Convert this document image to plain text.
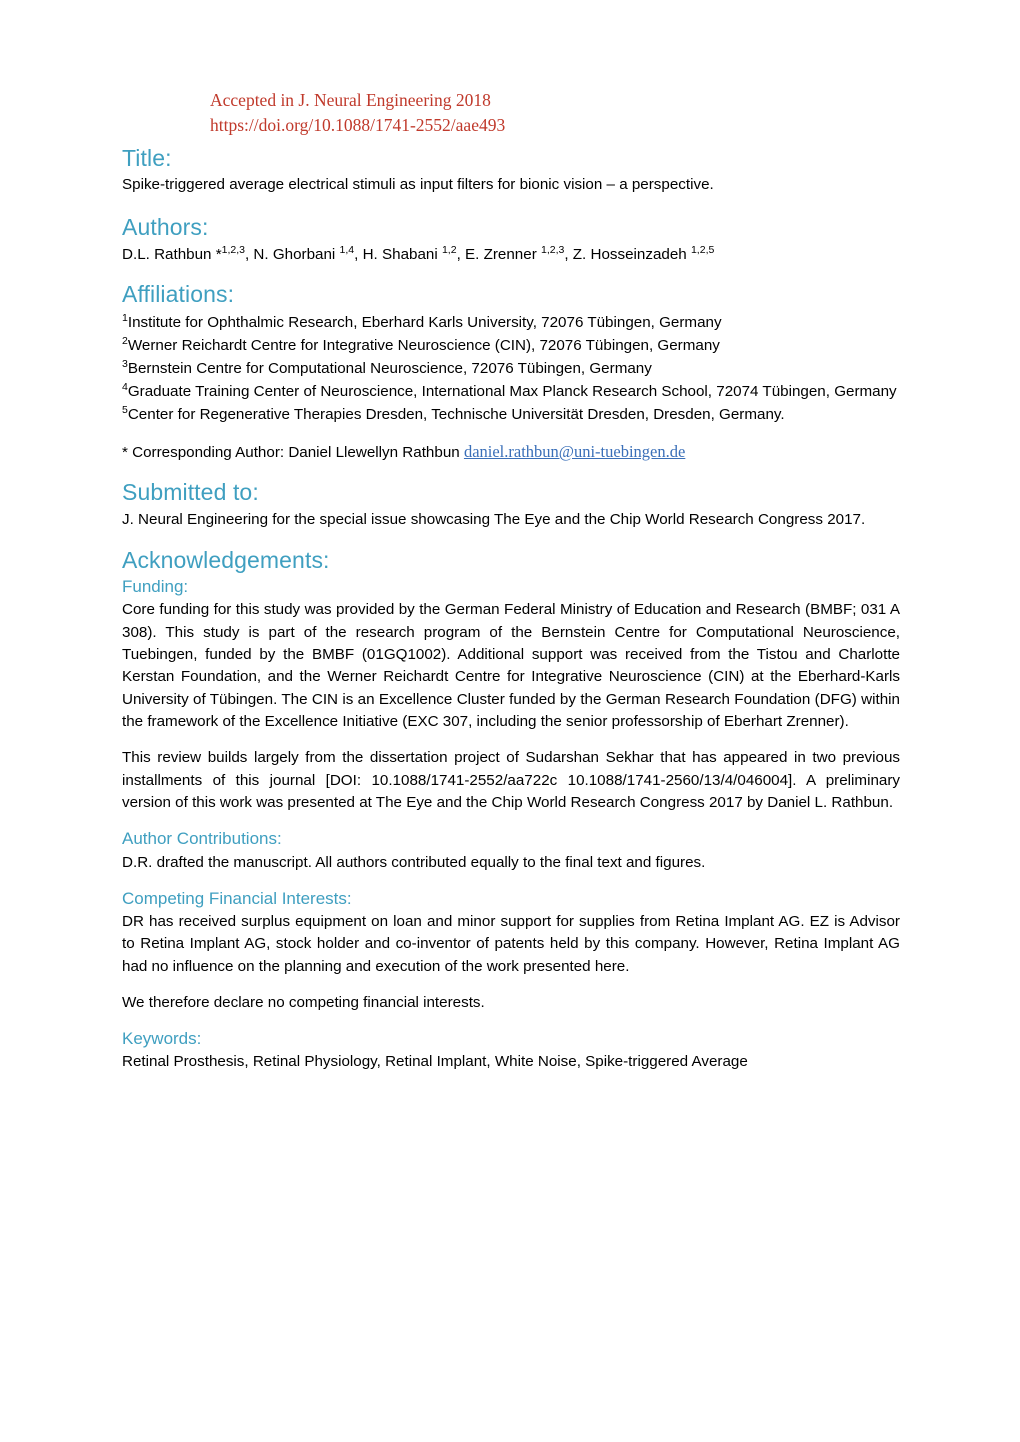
Accepted in J. Neural Engineering 2018
https://doi.org/10.1088/1741-2552/aae493
Title:

Spike-triggered average electrical stimuli as input filters for bionic vision – a perspective.

Authors:

D.L. Rathbun *$^{1,2,3}$, N. Ghorbani $^{1,4}$, H. Shabani $^{1,2}$, E. Zrenner $^{1,2,3}$, Z. Hosseinzadeh $^{1,2,5}$

Affiliations:

$^1$Institute for Ophthalmic Research, Eberhard Karls University, 72076 Tübingen, Germany

$^2$Werner Reichardt Centre for Integrative Neuroscience (CIN), 72076 Tübingen, Germany

$^3$Bernstein Centre for Computational Neuroscience, 72076 Tübingen, Germany

$^4$Graduate Training Center of Neuroscience, International Max Planck Research School, 72074 Tübingen, Germany

$^5$Center for Regenerative Therapies Dresden, Technische Universität Dresden, Dresden, Germany.

* Corresponding Author: Daniel Llewellyn Rathbun daniel.rathbun@uni-tuebingen.de

Submitted to:

J. Neural Engineering for the special issue showcasing The Eye and the Chip World Research Congress 2017.

Acknowledgements:
Funding:

Core funding for this study was provided by the German Federal Ministry of Education and Research (BMBF; 031 A 308). This study is part of the research program of the Bernstein Centre for Computational Neuroscience, Tuebingen, funded by the BMBF (01GQ1002). Additional support was received from the Tistou and Charlotte Kerstan Foundation, and the Werner Reichardt Centre for Integrative Neuroscience (CIN) at the Eberhard-Karls University of Tübingen. The CIN is an Excellence Cluster funded by the German Research Foundation (DFG) within the framework of the Excellence Initiative (EXC 307, including the senior professorship of Eberhart Zrenner).

This review builds largely from the dissertation project of Sudarshan Sekhar that has appeared in two previous installments of this journal [DOI: 10.1088/1741-2552/aa722c 10.1088/1741-2560/13/4/046004]. A preliminary version of this work was presented at The Eye and the Chip World Research Congress 2017 by Daniel L. Rathbun.

Author Contributions:

D.R. drafted the manuscript. All authors contributed equally to the final text and figures.

Competing Financial Interests:

DR has received surplus equipment on loan and minor support for supplies from Retina Implant AG. EZ is Advisor to Retina Implant AG, stock holder and co-inventor of patents held by this company. However, Retina Implant AG had no influence on the planning and execution of the work presented here.

We therefore declare no competing financial interests.

Keywords:

Retinal Prosthesis, Retinal Physiology, Retinal Implant, White Noise, Spike-triggered Average
